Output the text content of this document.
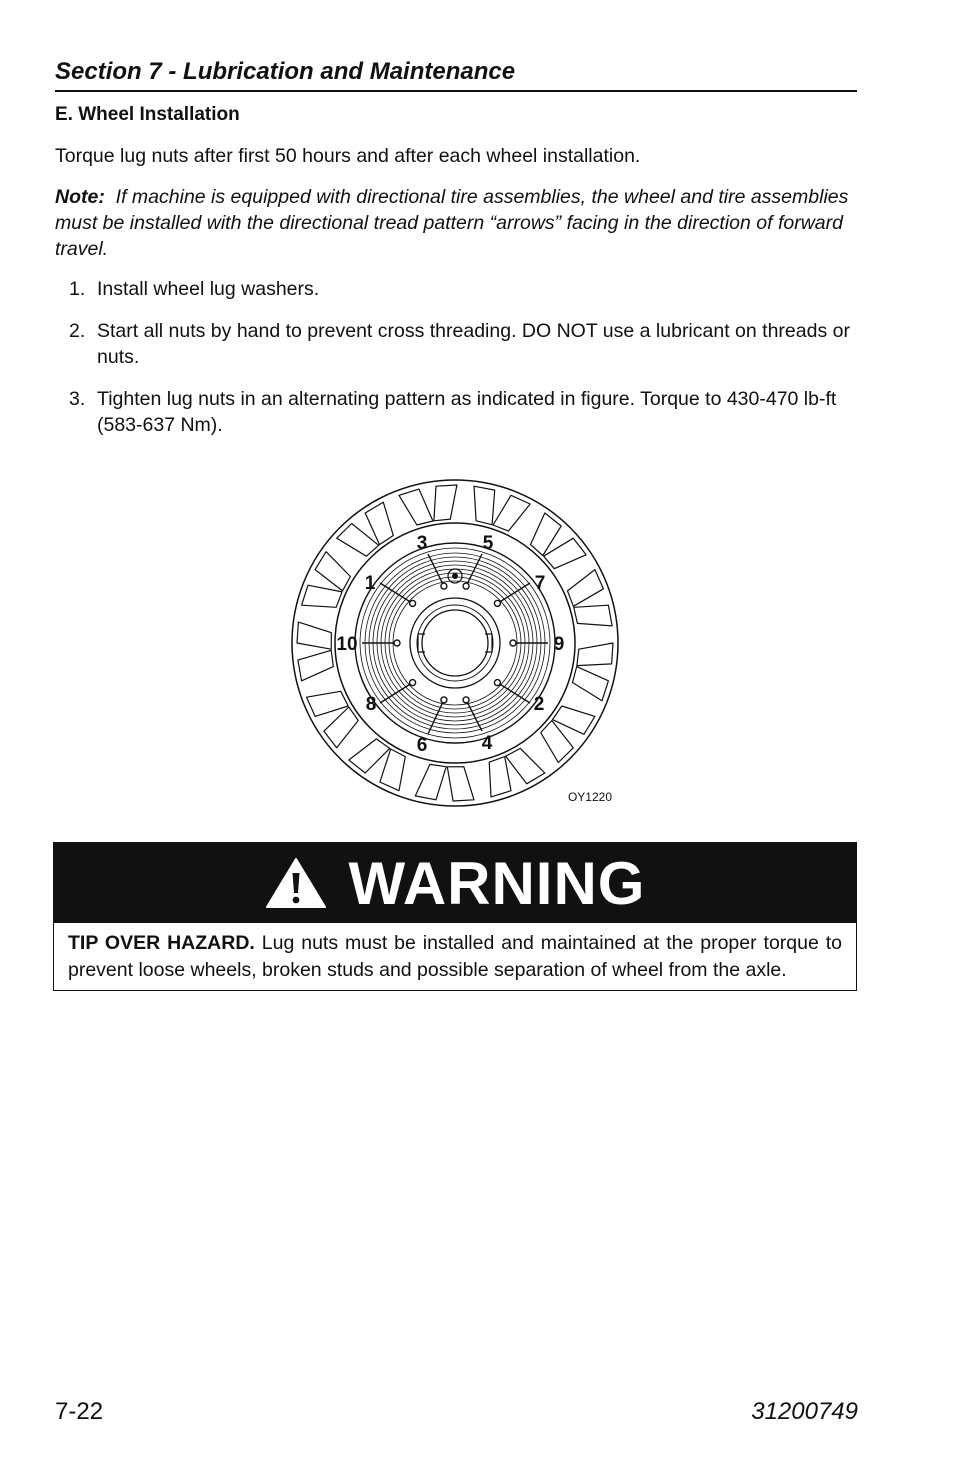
Section 7 - Lubrication and Maintenance
E. Wheel Installation
Torque lug nuts after first 50 hours and after each wheel installation.
Note: If machine is equipped with directional tire assemblies, the wheel and tire assemblies must be installed with the directional tread pattern “arrows” facing in the direction of forward travel.
1. Install wheel lug washers.
2. Start all nuts by hand to prevent cross threading. DO NOT use a lubricant on threads or nuts.
3. Tighten lug nuts in an alternating pattern as indicated in figure. Torque to 430-470 lb-ft (583-637 Nm).
3	5
1	7
10	9
8	2
6	4
OY1220
WARNING
TIP OVER HAZARD. Lug nuts must be installed and maintained at the proper torque to prevent loose wheels, broken studs and possible separation of wheel from the axle.
7-22	31200749
